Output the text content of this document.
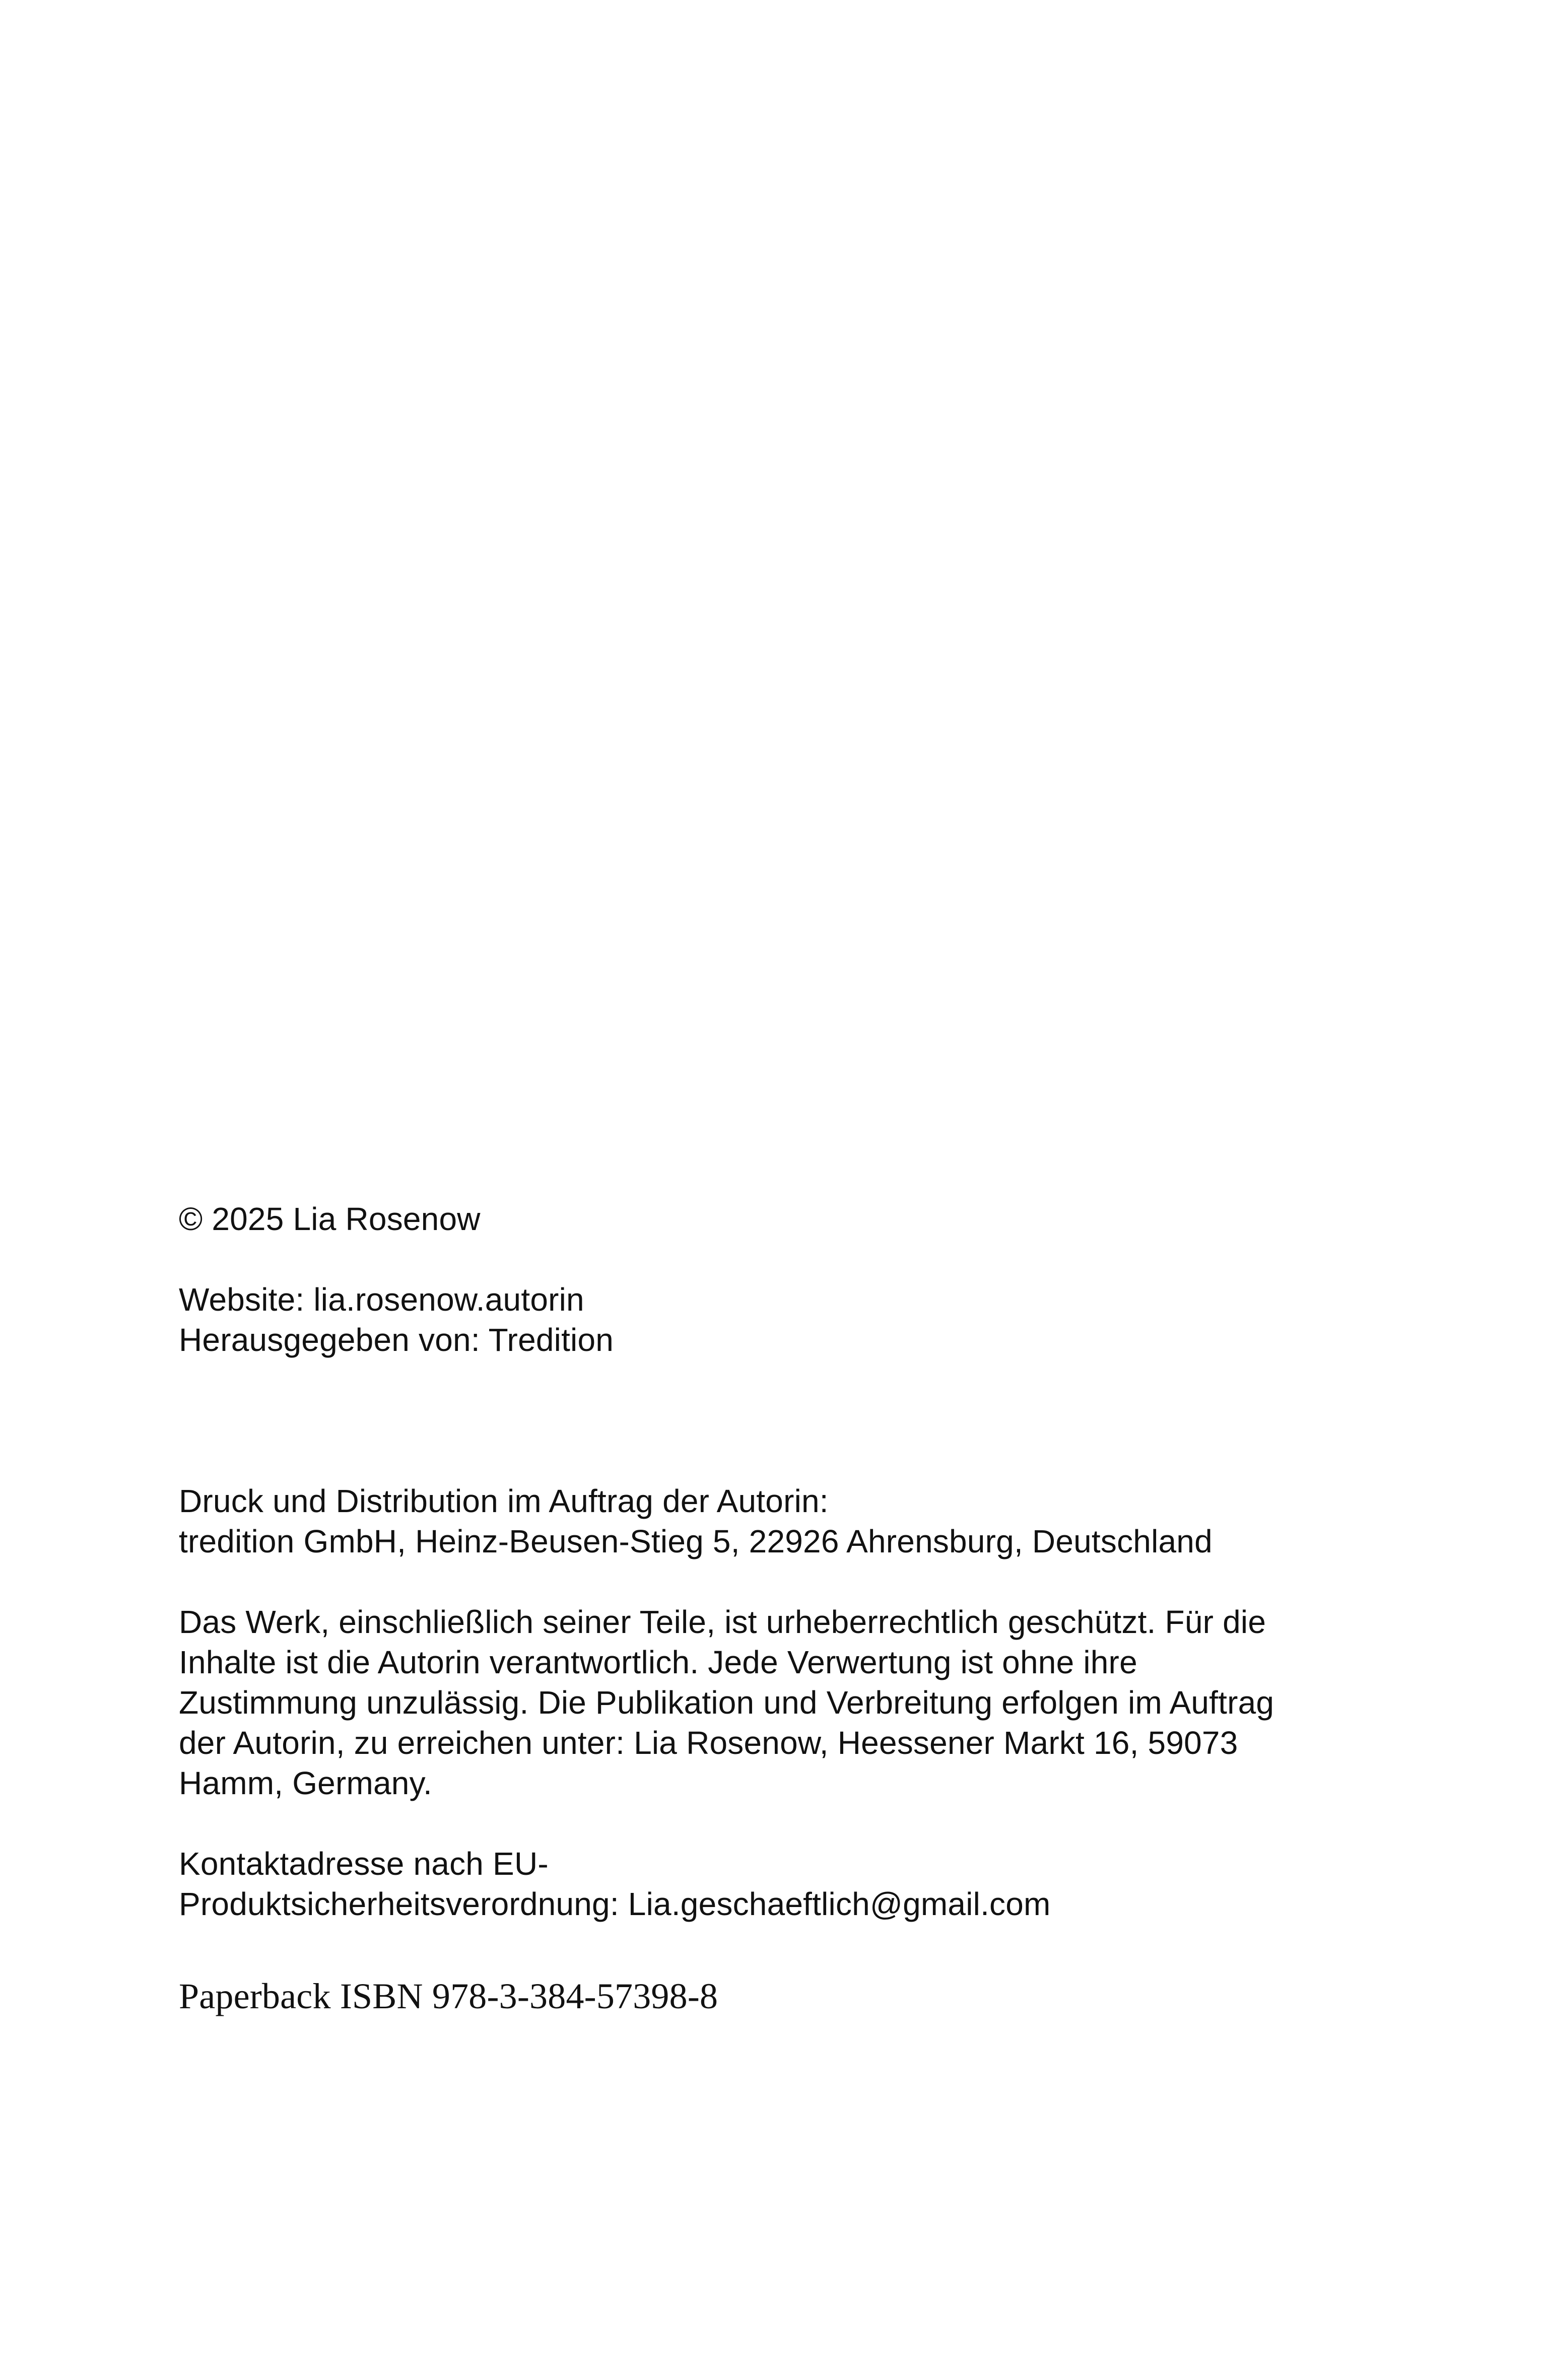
© 2025 Lia Rosenow
Website: lia.rosenow.autorin
Herausgegeben von: Tredition
Druck und Distribution im Auftrag der Autorin:
tredition GmbH, Heinz-Beusen-Stieg 5, 22926 Ahrensburg, Deutschland
Das Werk, einschließlich seiner Teile, ist urheberrechtlich geschützt. Für die
Inhalte ist die Autorin verantwortlich. Jede Verwertung ist ohne ihre
Zustimmung unzulässig. Die Publikation und Verbreitung erfolgen im Auftrag
der Autorin, zu erreichen unter: Lia Rosenow, Heessener Markt 16, 59073
Hamm, Germany.
Kontaktadresse nach EU-
Produktsicherheitsverordnung: Lia.geschaeftlich@gmail.com
Paperback ISBN 978-3-384-57398-8
